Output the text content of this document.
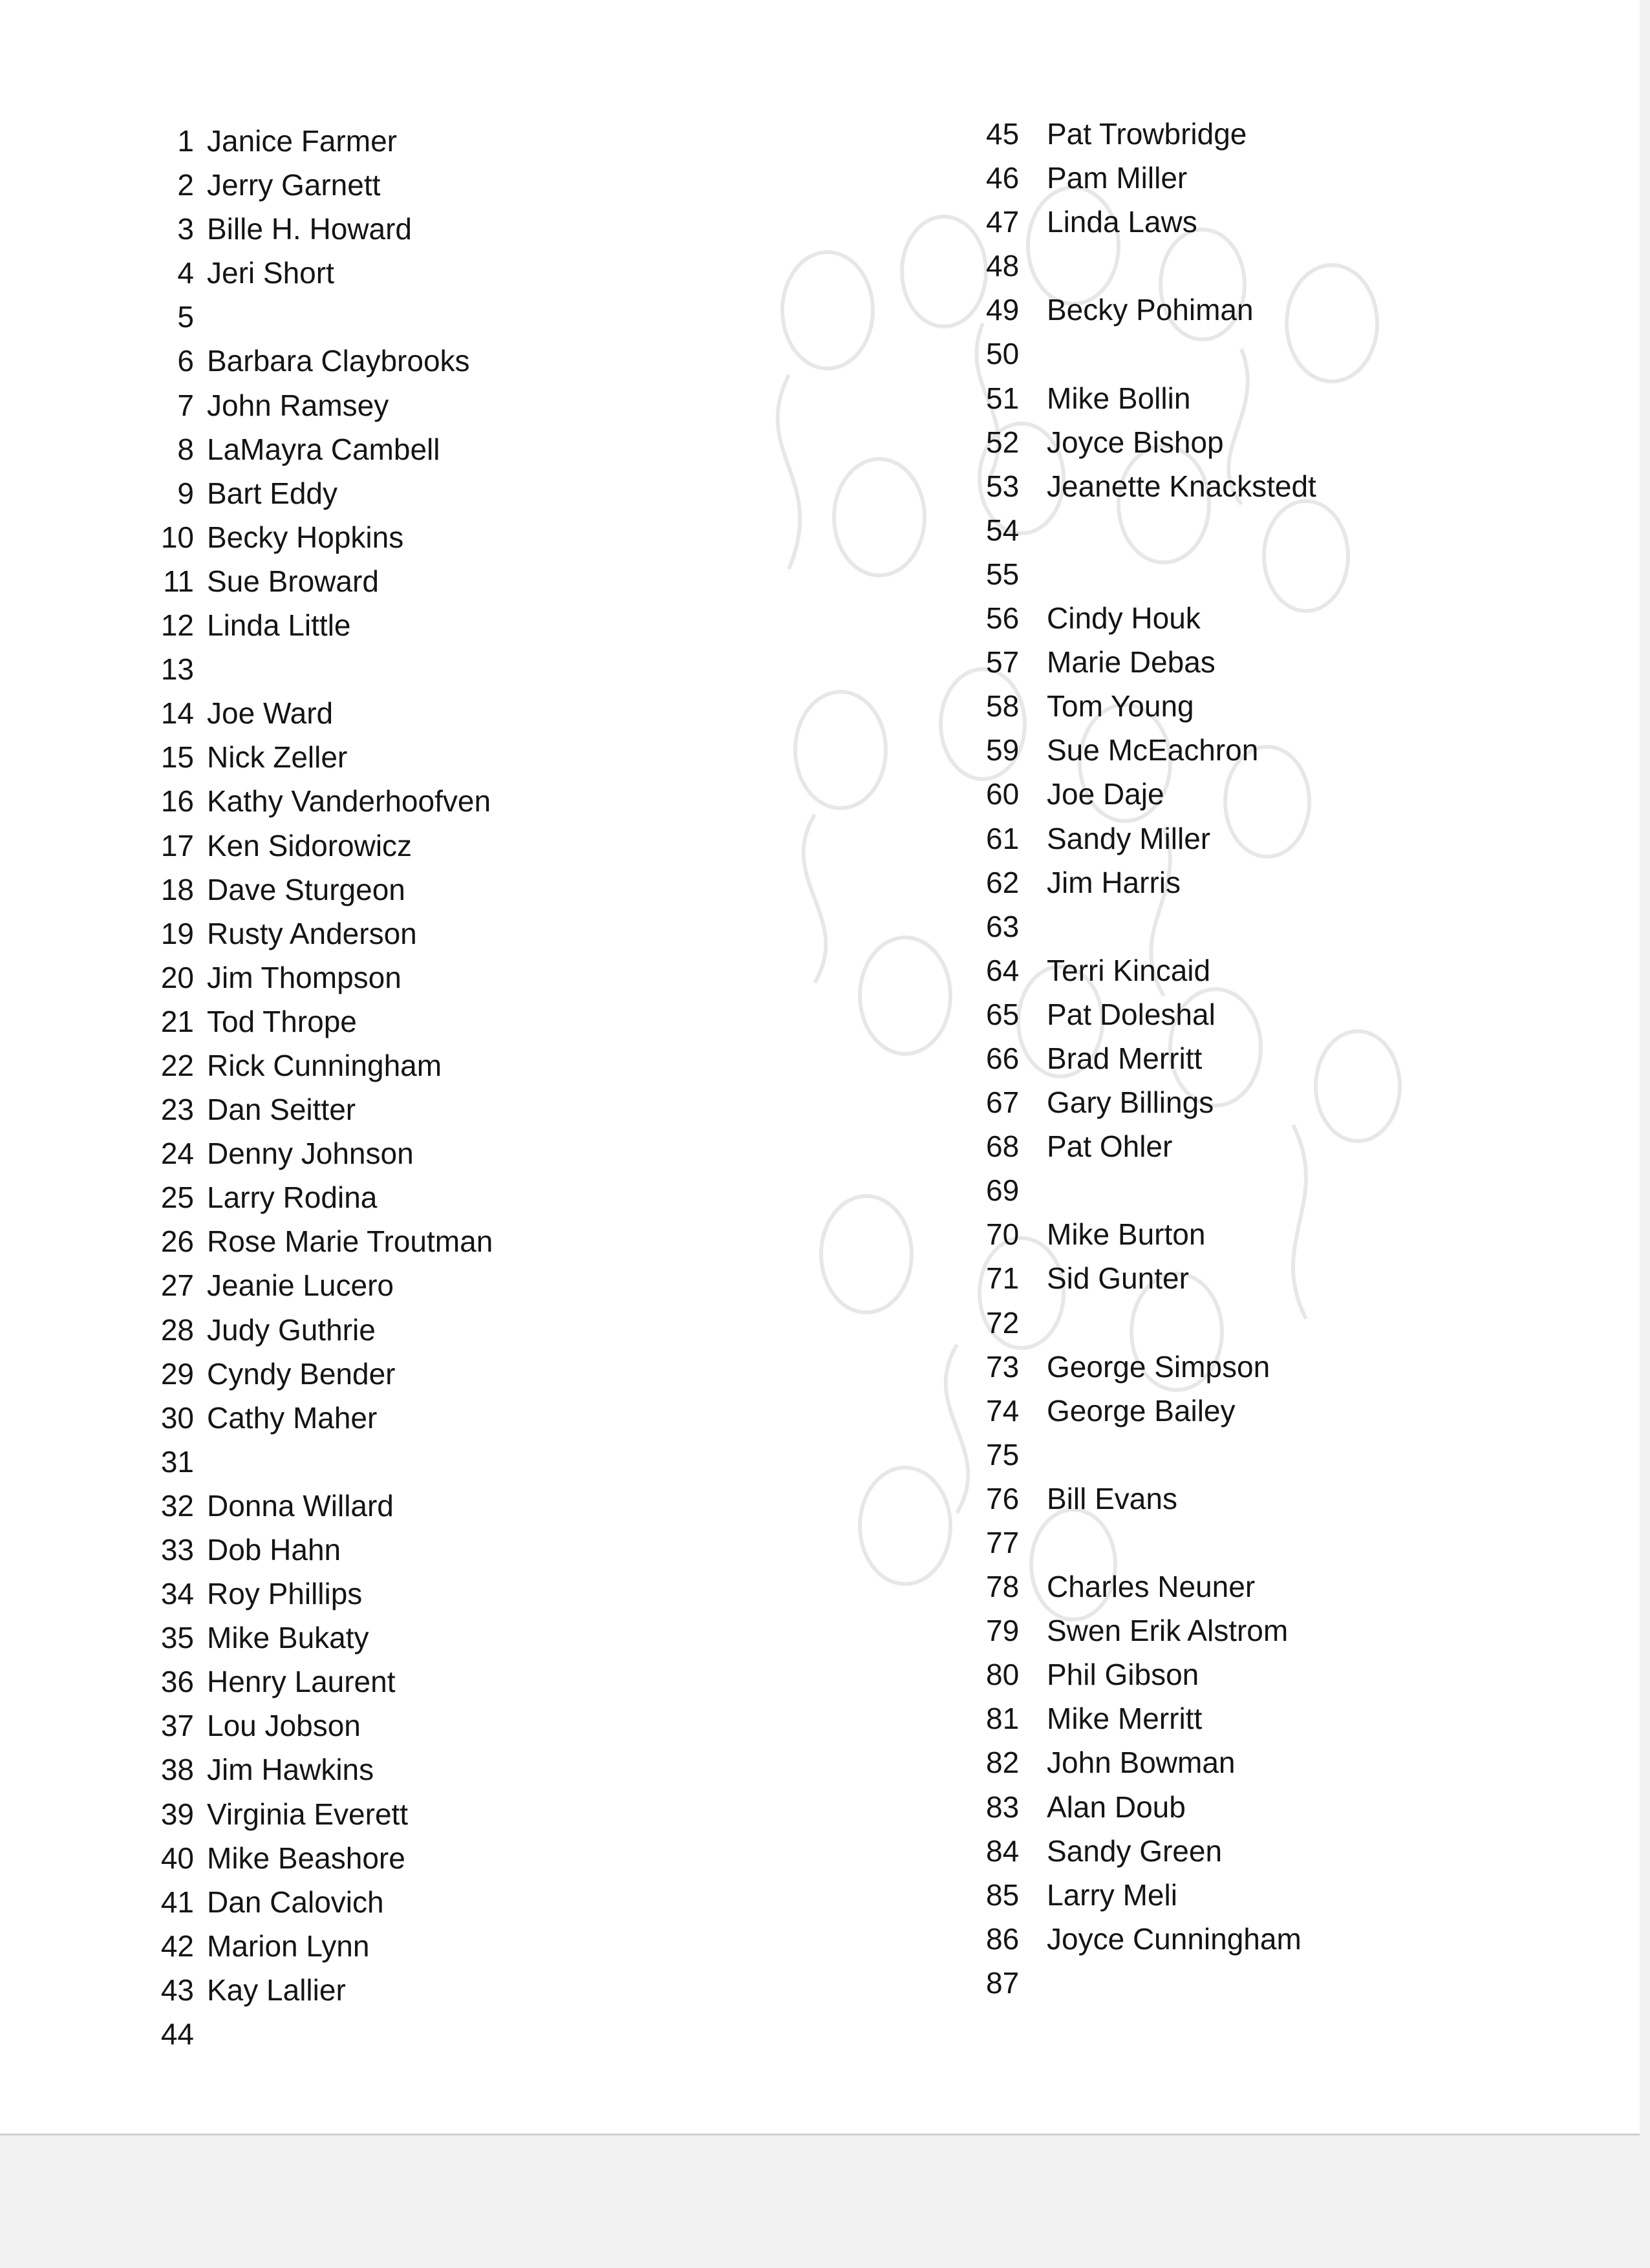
1 Janice Farmer
2 Jerry Garnett
3 Bille H. Howard
4 Jeri Short
5
6 Barbara Claybrooks
7 John Ramsey
8 LaMayra Cambell
9 Bart Eddy
10 Becky Hopkins
11 Sue Broward
12 Linda Little
13
14 Joe Ward
15 Nick Zeller
16 Kathy Vanderhoofven
17 Ken Sidorowicz
18 Dave Sturgeon
19 Rusty Anderson
20 Jim Thompson
21 Tod Thrope
22 Rick Cunningham
23 Dan Seitter
24 Denny Johnson
25 Larry Rodina
26 Rose Marie Troutman
27 Jeanie Lucero
28 Judy Guthrie
29 Cyndy Bender
30 Cathy Maher
31
32 Donna Willard
33 Dob Hahn
34 Roy Phillips
35 Mike Bukaty
36 Henry Laurent
37 Lou Jobson
38 Jim Hawkins
39 Virginia Everett
40 Mike Beashore
41 Dan Calovich
42 Marion Lynn
43 Kay Lallier
44
45 Pat Trowbridge
46 Pam Miller
47 Linda Laws
48
49 Becky Pohiman
50
51 Mike Bollin
52 Joyce Bishop
53 Jeanette Knackstedt
54
55
56 Cindy Houk
57 Marie Debas
58 Tom Young
59 Sue McEachron
60 Joe Daje
61 Sandy Miller
62 Jim Harris
63
64 Terri Kincaid
65 Pat Doleshal
66 Brad Merritt
67 Gary Billings
68 Pat Ohler
69
70 Mike Burton
71 Sid Gunter
72
73 George Simpson
74 George Bailey
75
76 Bill Evans
77
78 Charles Neuner
79 Swen Erik Alstrom
80 Phil Gibson
81 Mike Merritt
82 John Bowman
83 Alan Doub
84 Sandy Green
85 Larry Meli
86 Joyce Cunningham
87
